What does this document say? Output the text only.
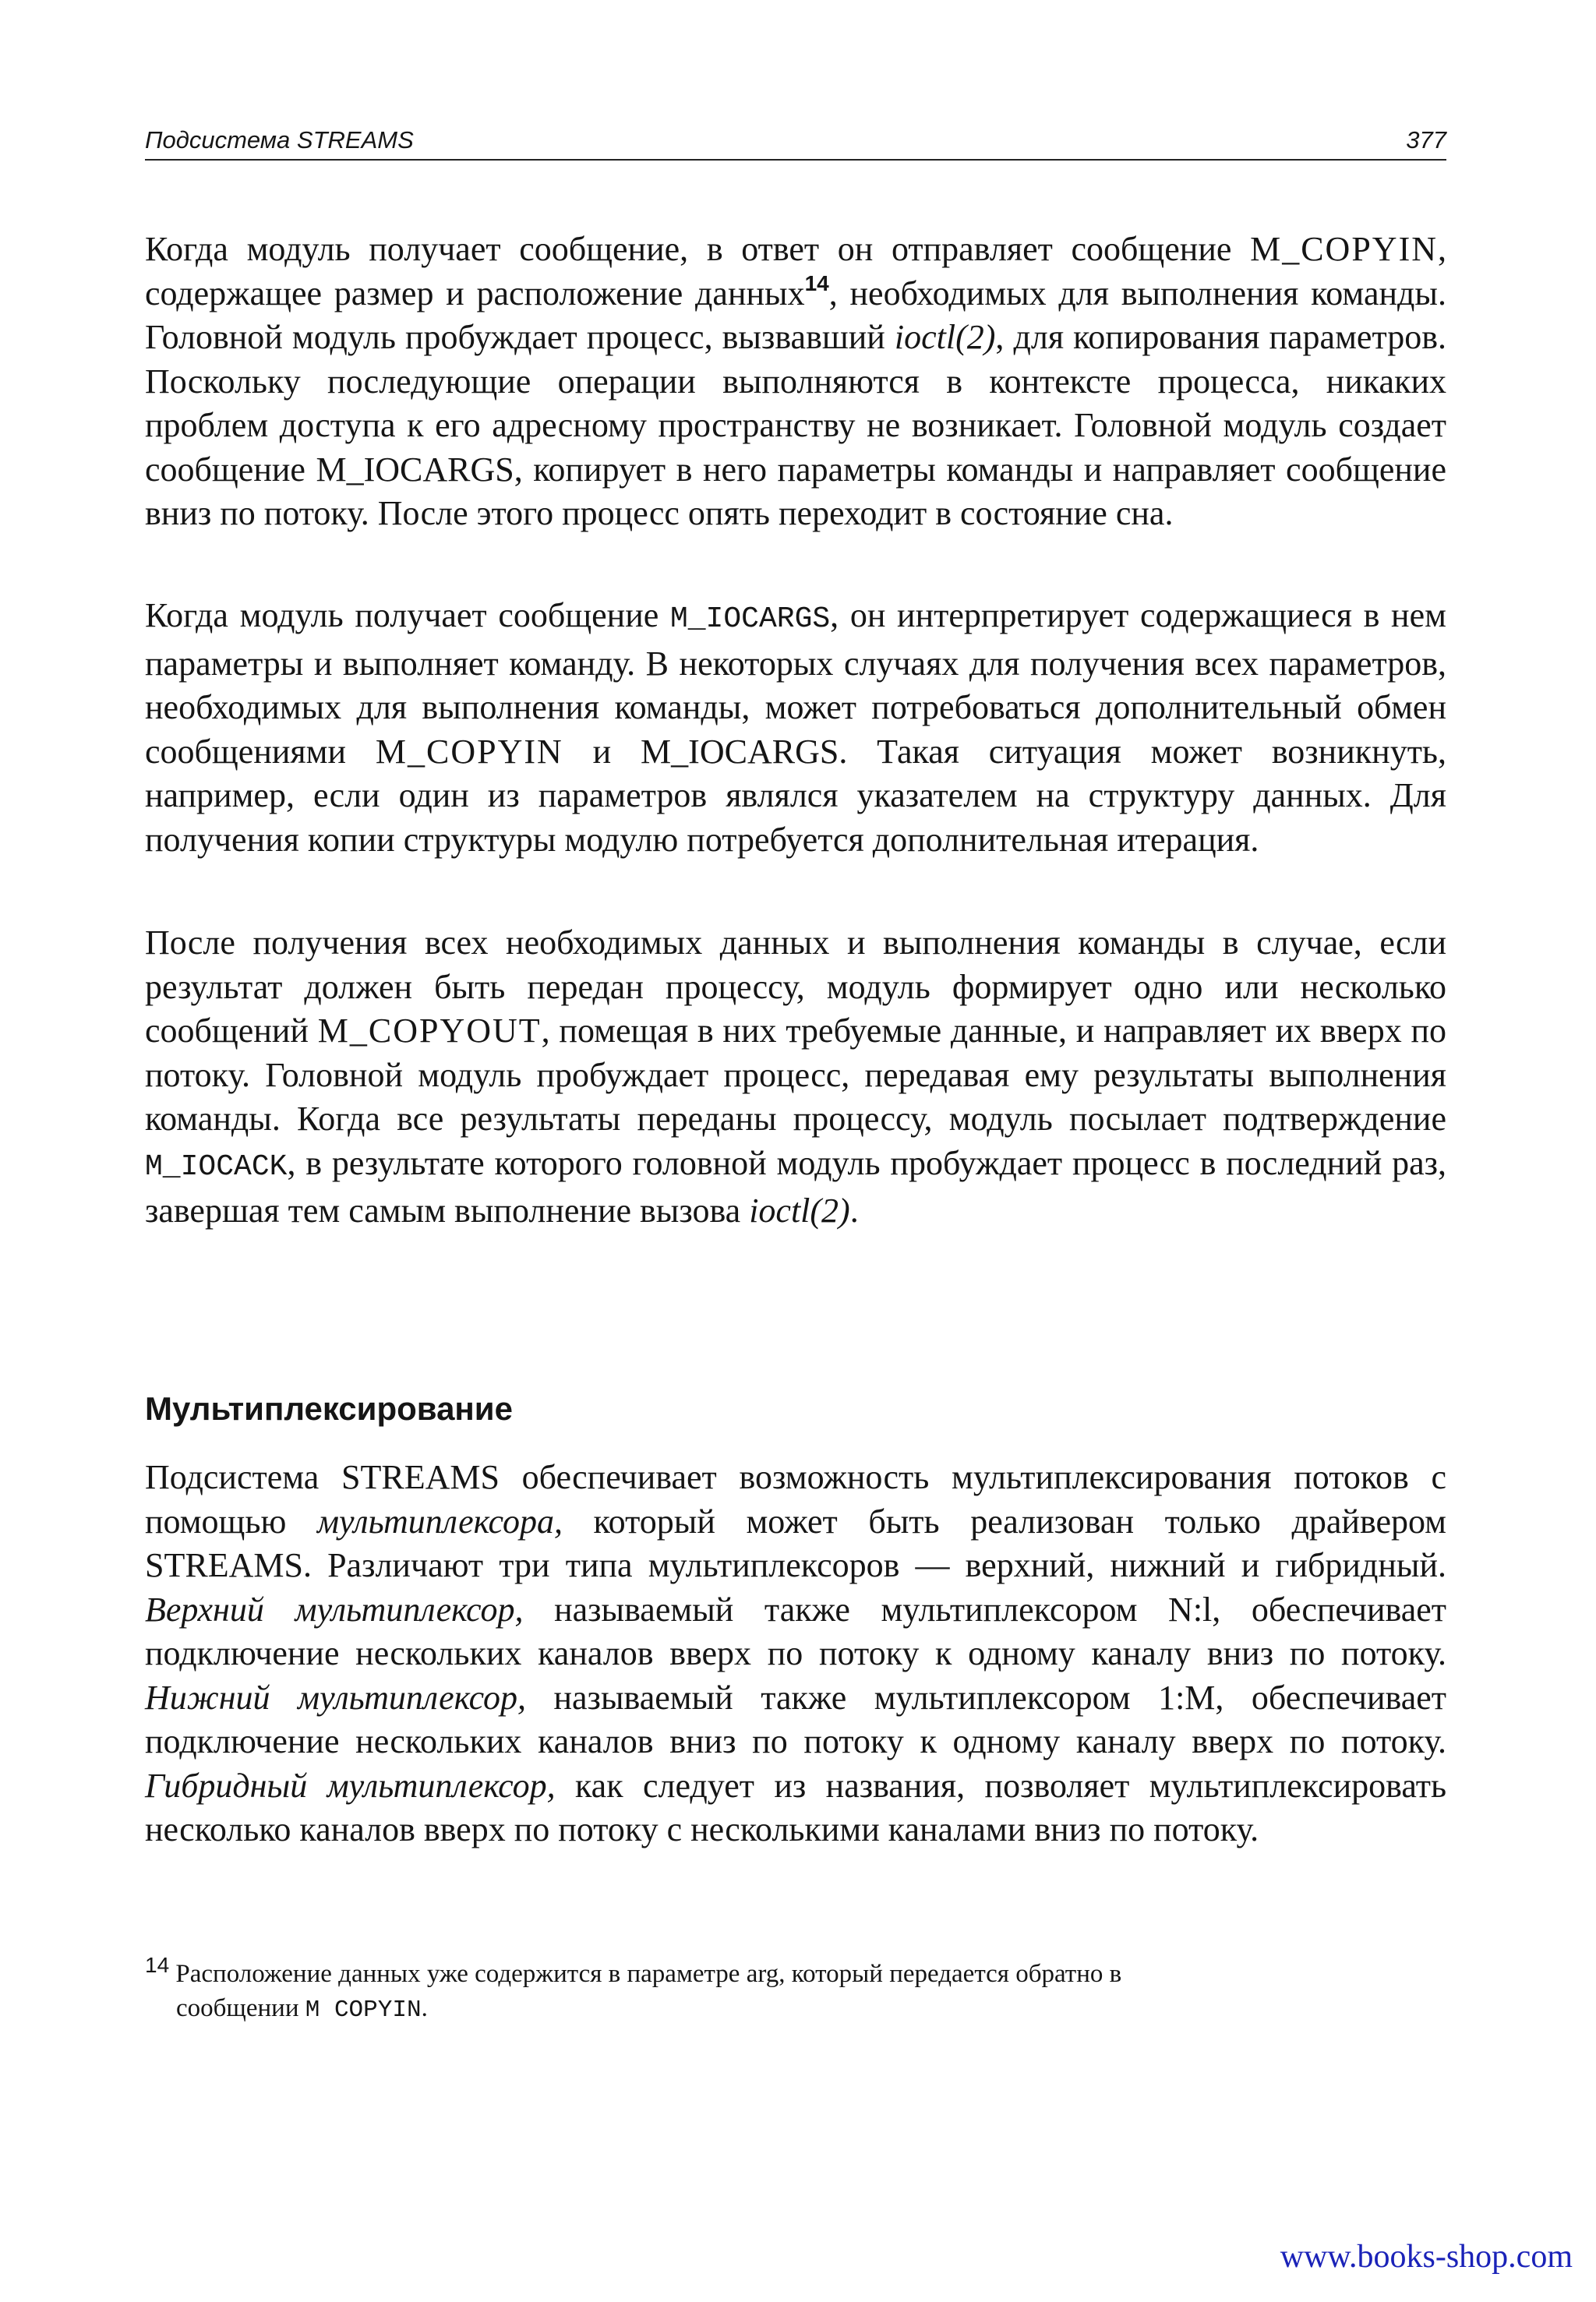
Подсистема STREAMS	377

Когда модуль получает сообщение, в ответ он отправляет сообщение M_COPYIN, содержащее размер и расположение данных$^{14}$, необходимых для выполнения команды. Головной модуль пробуждает процесс, вызвавший ioctl(2), для копирования параметров. Поскольку последующие операции выполняются в контексте процесса, никаких проблем доступа к его адресному пространству не возникает. Головной модуль создает сообщение M_IOCARGS, копирует в него параметры команды и направляет сообщение вниз по потоку. После этого процесс опять переходит в состояние сна.

Когда модуль получает сообщение M_IOCARGS, он интерпретирует содержащиеся в нем параметры и выполняет команду. В некоторых случаях для получения всех параметров, необходимых для выполнения команды, может потребоваться дополнительный обмен сообщениями M_COPYIN и M_IOCARGS. Такая ситуация может возникнуть, например, если один из параметров являлся указателем на структуру данных. Для получения копии структуры модулю потребуется дополнительная итерация.

После получения всех необходимых данных и выполнения команды в случае, если результат должен быть передан процессу, модуль формирует одно или несколько сообщений M_COPYOUT, помещая в них требуемые данные, и направляет их вверх по потоку. Головной модуль пробуждает процесс, передавая ему результаты выполнения команды. Когда все результаты переданы процессу, модуль посылает подтверждение M_IOCACK, в результате которого головной модуль пробуждает процесс в последний раз, завершая тем самым выполнение вызова ioctl(2).

Мультиплексирование

Подсистема STREAMS обеспечивает возможность мультиплексирования потоков с помощью мультиплексора, который может быть реализован только драйвером STREAMS. Различают три типа мультиплексоров — верхний, нижний и гибридный. Верхний мультиплексор, называемый также мультиплексором N:l, обеспечивает подключение нескольких каналов вверх по потоку к одному каналу вниз по потоку. Нижний мультиплексор, называемый также мультиплексором 1:М, обеспечивает подключение нескольких каналов вниз по потоку к одному каналу вверх по потоку. Гибридный мультиплексор, как следует из названия, позволяет мультиплексировать несколько каналов вверх по потоку с несколькими каналами вниз по потоку.

$^{14}$ Расположение данных уже содержится в параметре arg, который передается обратно в
сообщении M COPYIN.

www.books-shop.com
